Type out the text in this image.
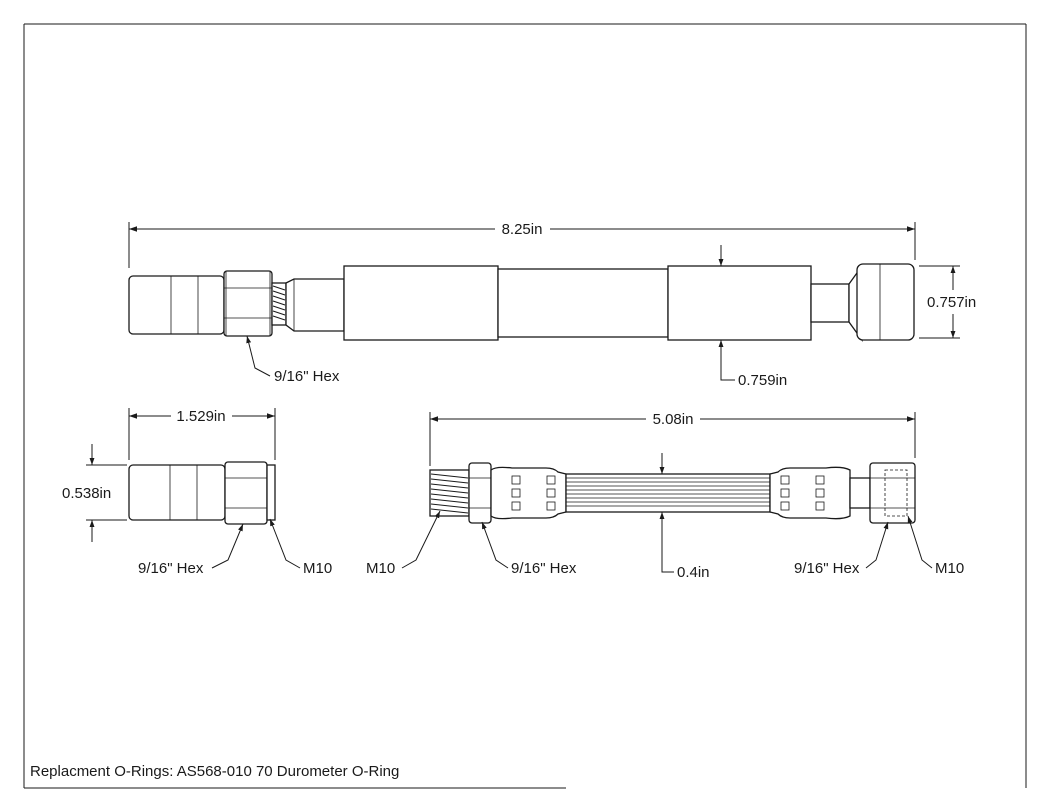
8.25in
0.759in
0.757in
9/16" Hex
1.529in
0.538in
9/16" Hex	M10
5.08in
0.4in
M10	9/16" Hex	9/16" Hex	M10
Replacment O-Rings: AS568-010 70 Durometer O-Ring
